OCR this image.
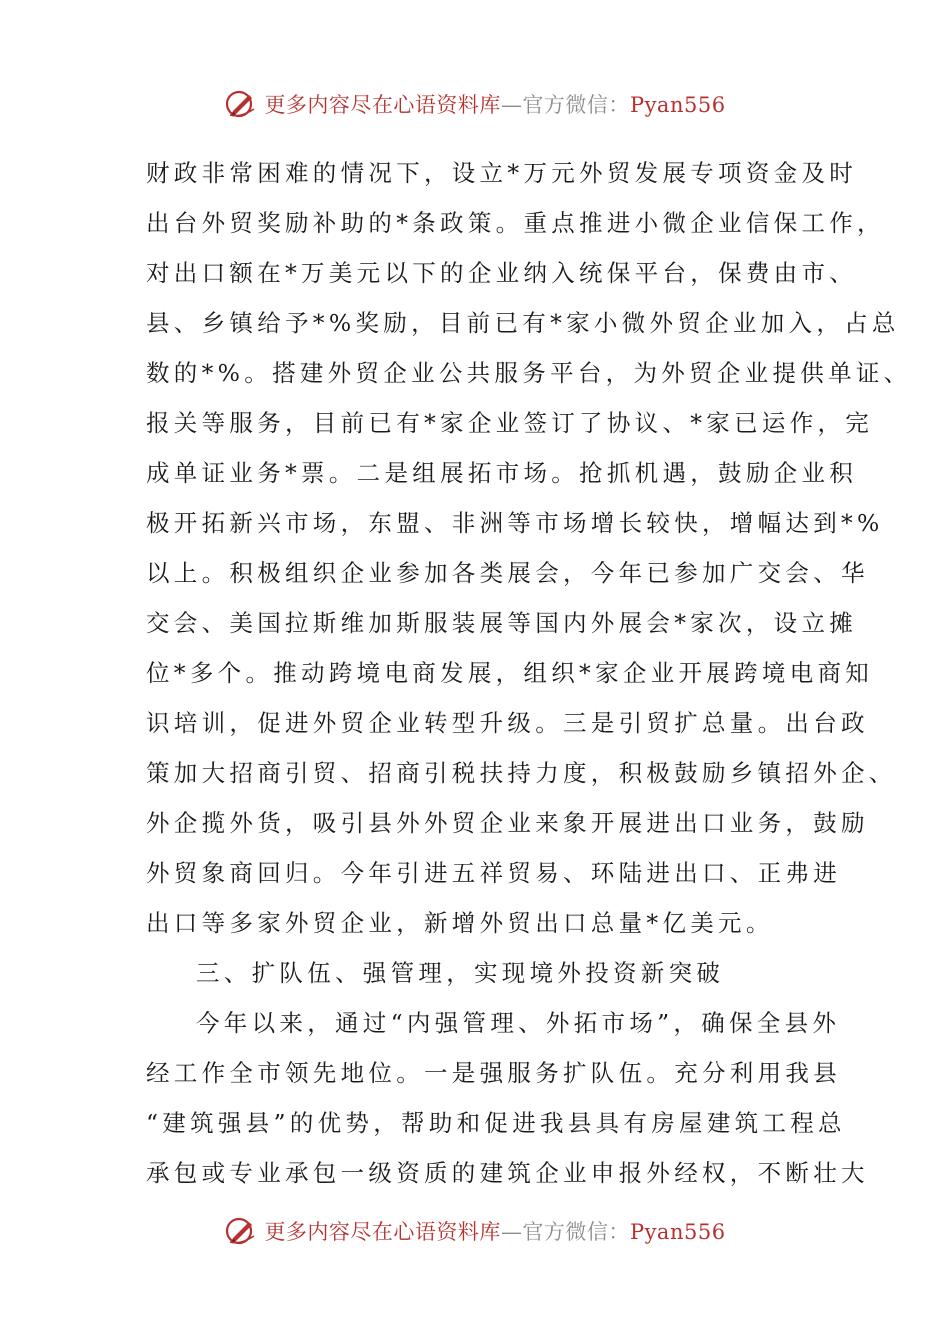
更多内容尽在心语资料库—官方微信：Pyan556
财政非常困难的情况下，设立*万元外贸发展专项资金及时
出台外贸奖励补助的*条政策。重点推进小微企业信保工作，
对出口额在*万美元以下的企业纳入统保平台，保费由市、
县、乡镇给予*%奖励，目前已有*家小微外贸企业加入，占总
数的*%。搭建外贸企业公共服务平台，为外贸企业提供单证、
报关等服务，目前已有*家企业签订了协议、*家已运作，完
成单证业务*票。二是组展拓市场。抢抓机遇，鼓励企业积
极开拓新兴市场，东盟、非洲等市场增长较快，增幅达到*%
以上。积极组织企业参加各类展会，今年已参加广交会、华
交会、美国拉斯维加斯服装展等国内外展会*家次，设立摊
位*多个。推动跨境电商发展，组织*家企业开展跨境电商知
识培训，促进外贸企业转型升级。三是引贸扩总量。出台政
策加大招商引贸、招商引税扶持力度，积极鼓励乡镇招外企、
外企揽外货，吸引县外外贸企业来象开展进出口业务，鼓励
外贸象商回归。今年引进五祥贸易、环陆进出口、正弗进
出口等多家外贸企业，新增外贸出口总量*亿美元。
三、扩队伍、强管理，实现境外投资新突破
今年以来，通过“内强管理、外拓市场”，确保全县外
经工作全市领先地位。一是强服务扩队伍。充分利用我县
“建筑强县”的优势，帮助和促进我县具有房屋建筑工程总
承包或专业承包一级资质的建筑企业申报外经权，不断壮大
更多内容尽在心语资料库—官方微信：Pyan556
